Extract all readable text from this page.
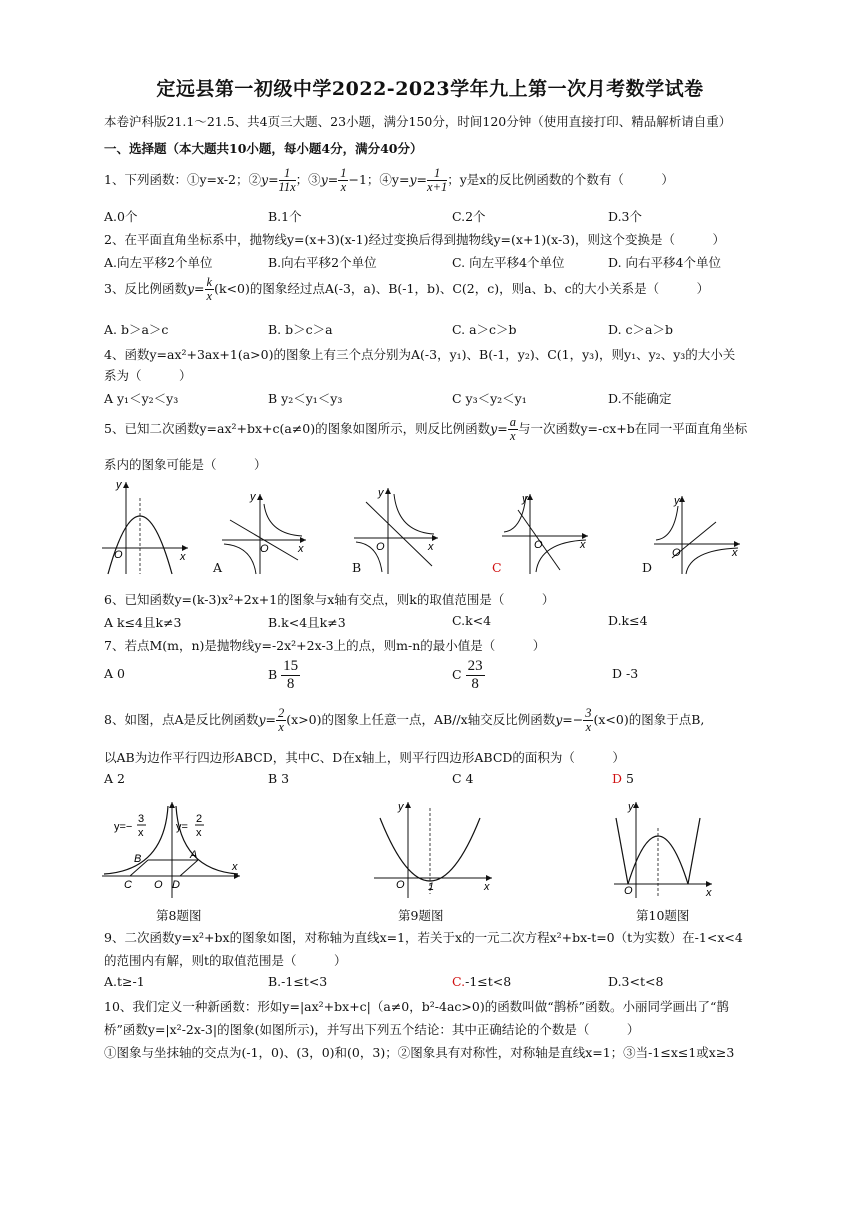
定远县第一初级中学2022-2023学年九上第一次月考数学试卷
本卷沪科版21.1～21.5、共4页三大题、23小题，满分150分，时间120分钟（使用直接打印、精品解析请自重）
一、选择题（本大题共10小题，每小题4分，满分40分）
1、下列函数：①y=x-2；②y= $\frac{1}{11x}$ ；③y= $\frac{1}{x} -1$；④y=y= $\frac{1}{x+1}$ ；y是x的反比例函数的个数有（　　　）
A.0个	B.1个	C.2个	D.3个
2、在平面直角坐标系中，抛物线y=(x+3)(x-1)经过变换后得到抛物线y=(x+1)(x-3)，则这个变换是（　　　）
A.向左平移2个单位	B.向右平移2个单位	C. 向左平移4个单位	D. 向右平移4个单位
3、反比例函数$y= \frac{k}{x} (k<0)$的图象经过点A(-3，a)、B(-1，b)、C(2，c)，则a、b、c的大小关系是（　　　）
A. b＞a＞c	B. b＞c＞a	C. a＞c＞b	D. c＞a＞b
4、函数y=ax²+3ax+1(a>0)的图象上有三个点分别为A(-3，y₁)、B(-1，y₂)、C(1，y₃)，则y₁、y₂、y₃的大小关
系为（　　　）
A y₁＜y₂＜y₃	B y₂＜y₁＜y₃	C y₃＜y₂＜y₁	D.不能确定
5、已知二次函数y=ax²+bx+c(a≠0)的图象如图所示，则反比例函数$y= \frac{a}{x}$ 与一次函数y=-cx+b在同一平面直角坐标
系内的图象可能是（　　　）
y
O	x
y
O	x
A
y
O	x
B
y
O	x
C
y
O	x
D
6、已知函数y=(k-3)x²+2x+1的图象与x轴有交点，则k的取值范围是（　　　）
A k≤4且k≠3	B.k<4且k≠3	C.k<4	D.k≤4
7、若点M(m，n)是抛物线y=-2x²+2x-3上的点，则m-n的最小值是（　　　）
A 0	B $\frac{15}{8}$	C $\frac{23}{8}$	D -3
8、如图，点A是反比例函数$y= \frac{2}{x} (x>0)$的图象上任意一点，AB//x轴交反比例函数$y=- \frac{3}{x} (x<0)$的图象于点B,
以AB为边作平行四边形ABCD，其中C、D在x轴上，则平行四边形ABCD的面积为（　　　）
A 2	B 3	C 4	D 5
y=−
3
x	y=
2
x
B	A
C O D
x
y
O 1	x
y
O	x
第8题图	第9题图	第10题图
9、二次函数y=x²+bx的图象如图，对称轴为直线x=1，若关于x的一元二次方程x²+bx-t=0（t为实数）在-1<x<4
的范围内有解，则t的取值范围是（　　　）
A.t≥-1	B.-1≤t<3	C.-1≤t<8	D.3<t<8
10、我们定义一种新函数：形如y=|ax²+bx+c|（a≠0，b²-4ac>0)的函数叫做“鹊桥”函数。小丽同学画出了“鹊
桥”函数y=|x²-2x-3|的图象(如图所示)，并写出下列五个结论：其中正确结论的个数是（　　　）
①图象与坐抹轴的交点为(-1，0)、(3，0)和(0，3)；②图象具有对称性，对称轴是直线x=1；③当-1≤x≤1或x≥3
